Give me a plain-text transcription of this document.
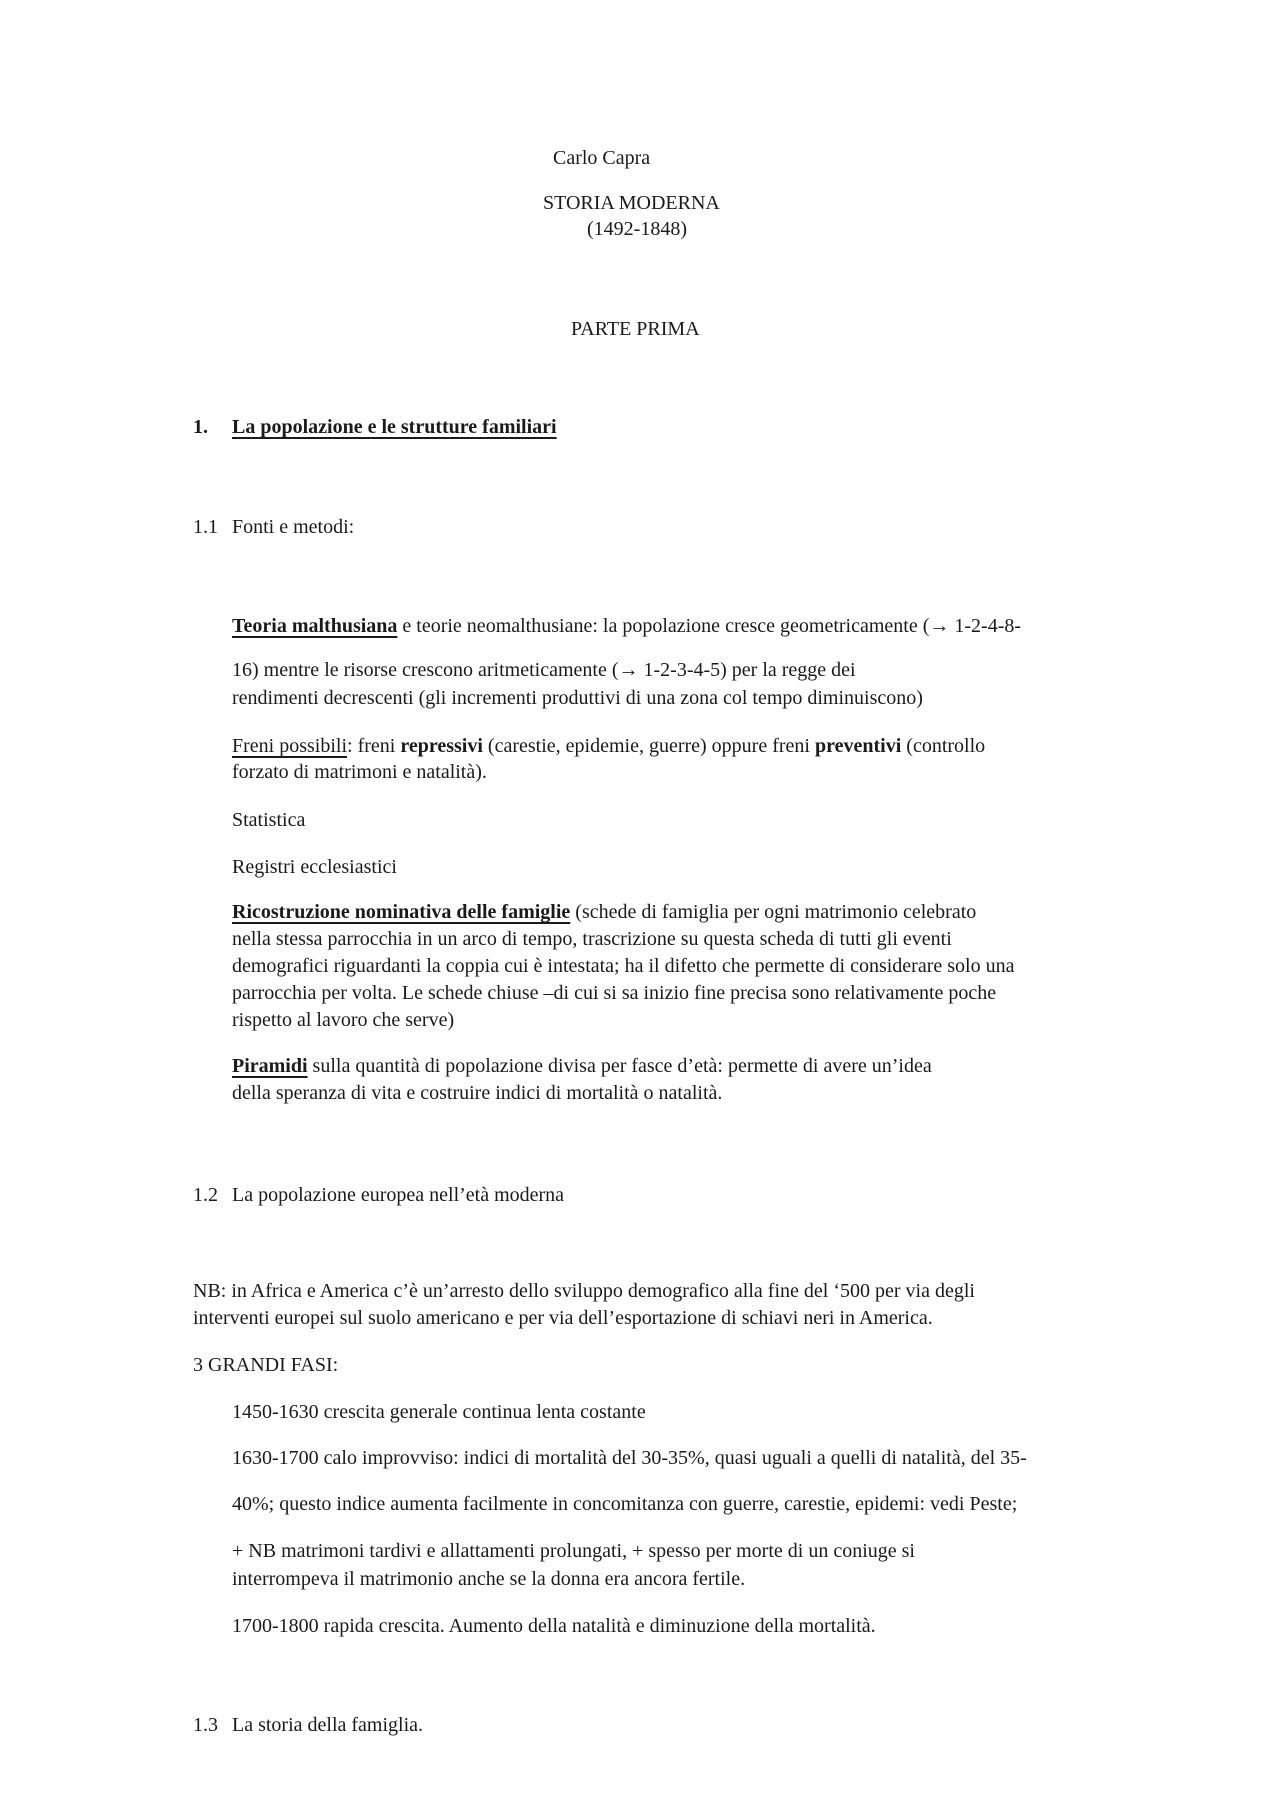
Carlo Capra
STORIA MODERNA
(1492-1848)
PARTE PRIMA
1. La popolazione e le strutture familiari
1.1 Fonti e metodi:
Teoria malthusiana e teorie neomalthusiane: la popolazione cresce geometricamente (→ 1-2-4-8-
16) mentre le risorse crescono aritmeticamente (→ 1-2-3-4-5) per la regge dei
rendimenti decrescenti (gli incrementi produttivi di una zona col tempo diminuiscono)
Freni possibili: freni repressivi (carestie, epidemie, guerre) oppure freni preventivi (controllo
forzato di matrimoni e natalità).
Statistica
Registri ecclesiastici
Ricostruzione nominativa delle famiglie (schede di famiglia per ogni matrimonio celebrato
nella stessa parrocchia in un arco di tempo, trascrizione su questa scheda di tutti gli eventi
demografici riguardanti la coppia cui è intestata; ha il difetto che permette di considerare solo una
parrocchia per volta. Le schede chiuse –di cui si sa inizio fine precisa sono relativamente poche
rispetto al lavoro che serve)
Piramidi sulla quantità di popolazione divisa per fasce d’età: permette di avere un’idea
della speranza di vita e costruire indici di mortalità o natalità.
1.2 La popolazione europea nell’età moderna
NB: in Africa e America c’è un’arresto dello sviluppo demografico alla fine del ‘500 per via degli
interventi europei sul suolo americano e per via dell’esportazione di schiavi neri in America.
3 GRANDI FASI:
1450-1630 crescita generale continua lenta costante
1630-1700 calo improvviso: indici di mortalità del 30-35%, quasi uguali a quelli di natalità, del 35-
40%; questo indice aumenta facilmente in concomitanza con guerre, carestie, epidemi: vedi Peste;
+ NB matrimoni tardivi e allattamenti prolungati, + spesso per morte di un coniuge si
interrompeva il matrimonio anche se la donna era ancora fertile.
1700-1800 rapida crescita. Aumento della natalità e diminuzione della mortalità.
1.3 La storia della famiglia.
